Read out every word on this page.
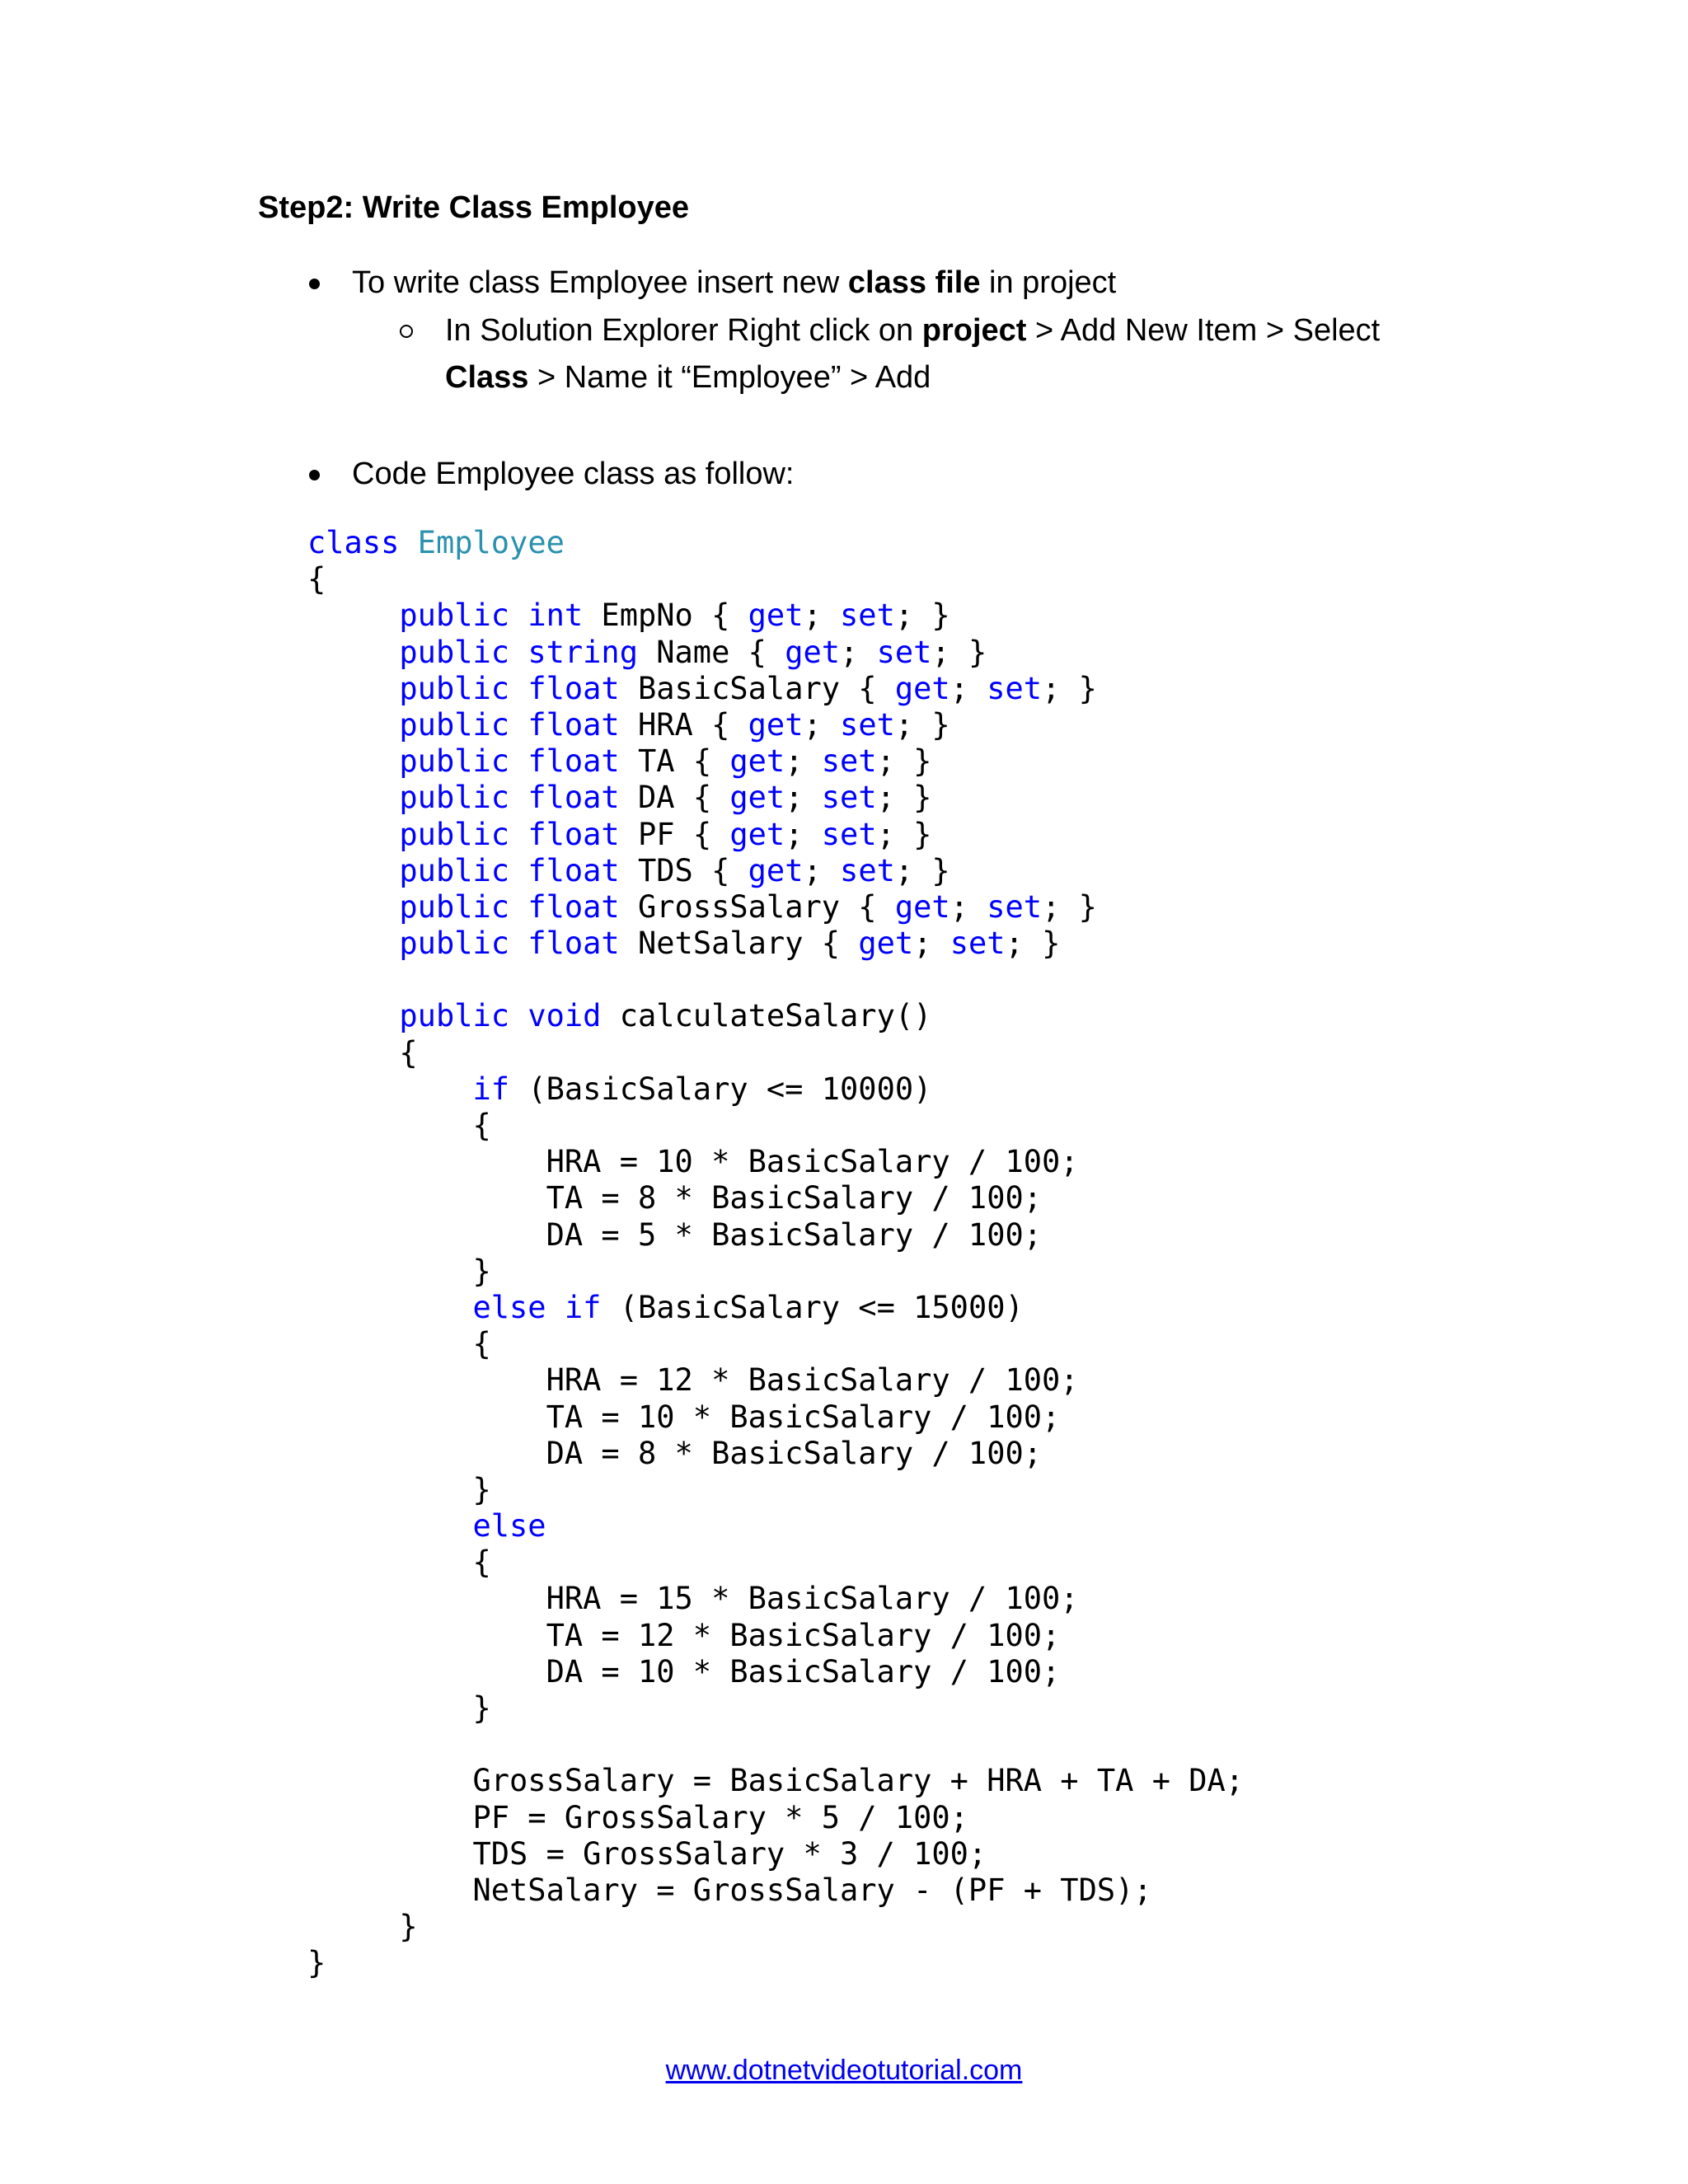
Step2: Write Class Employee
To write class Employee insert new class file in project
In Solution Explorer Right click on project > Add New Item > Select
Class > Name it “Employee” > Add
Code Employee class as follow:
class Employee
{
public int EmpNo { get; set; }
public string Name { get; set; }
public float BasicSalary { get; set; }
public float HRA { get; set; }
public float TA { get; set; }
public float DA { get; set; }
public float PF { get; set; }
public float TDS { get; set; }
public float GrossSalary { get; set; }
public float NetSalary { get; set; }
public void calculateSalary()
{
if (BasicSalary <= 10000)
{
HRA = 10 * BasicSalary / 100;
TA = 8 * BasicSalary / 100;
DA = 5 * BasicSalary / 100;
}
else if (BasicSalary <= 15000)
{
HRA = 12 * BasicSalary / 100;
TA = 10 * BasicSalary / 100;
DA = 8 * BasicSalary / 100;
}
else
{
HRA = 15 * BasicSalary / 100;
TA = 12 * BasicSalary / 100;
DA = 10 * BasicSalary / 100;
}
GrossSalary = BasicSalary + HRA + TA + DA;
PF = GrossSalary * 5 / 100;
TDS = GrossSalary * 3 / 100;
NetSalary = GrossSalary - (PF + TDS);
}
}
www.dotnetvideotutorial.com
